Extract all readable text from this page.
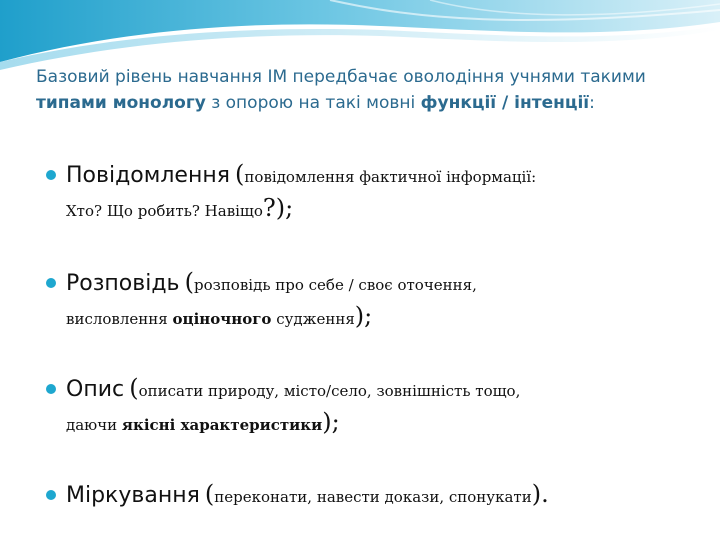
Базовий рівень навчання ІМ передбачає оволодіння учнями такими типами монологу з опорою на такі мовні функції / інтенції:

Повідомлення (повідомлення фактичної інформації:
Хто? Що робить? Навіщо?);
Розповідь (розповідь про себе / своє оточення,
висловлення оціночного судження);
Опис (описати природу, місто/село, зовнішність тощо,
даючи якісні характеристики);
Міркування (переконати, навести докази, спонукати).
